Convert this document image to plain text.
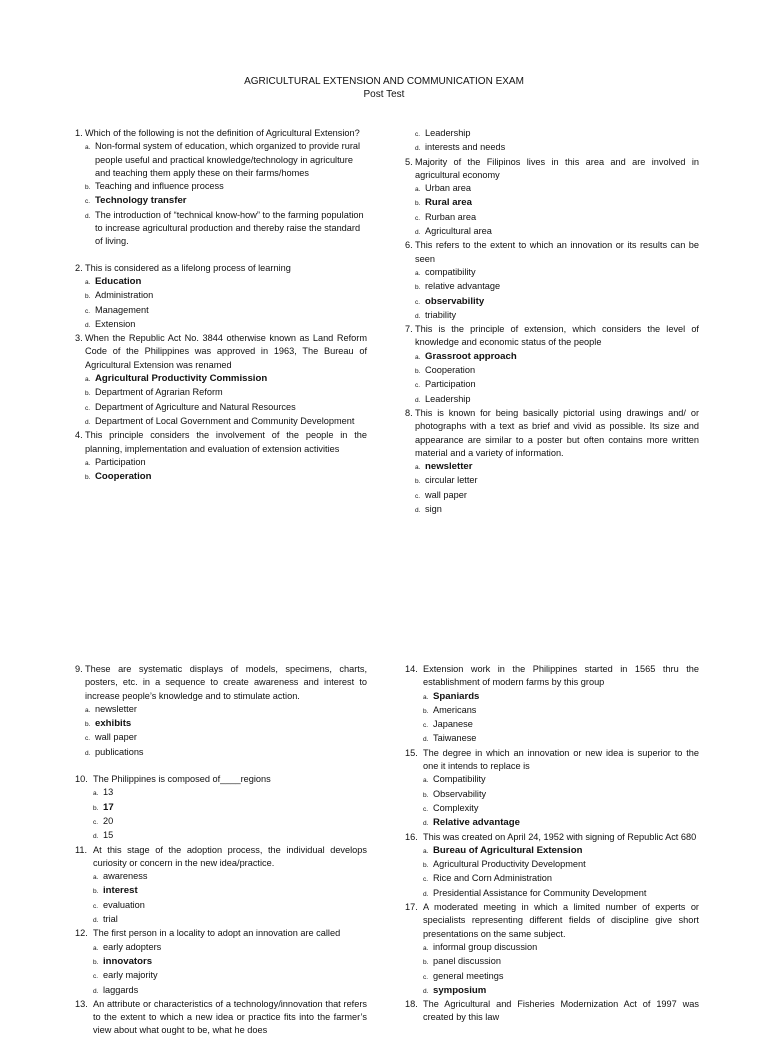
AGRICULTURAL EXTENSION AND COMMUNICATION EXAM
Post Test
1. Which of the following is not the definition of Agricultural Extension?
a. Non-formal system of education, which organized to provide rural people useful and practical knowledge/technology in agriculture and teaching them apply these on their farms/homes
b. Teaching and influence process
c. Technology transfer
d. The introduction of “technical know-how” to the farming population to increase agricultural production and thereby raise the standard of living.
2. This is considered as a lifelong process of learning
a. Education
b. Administration
c. Management
d. Extension
3. When the Republic Act No. 3844 otherwise known as Land Reform Code of the Philippines was approved in 1963, The Bureau of Agricultural Extension was renamed
a. Agricultural Productivity Commission
b. Department of Agrarian Reform
c. Department of Agriculture and Natural Resources
d. Department of Local Government and Community Development
4. This principle considers the involvement of the people in the planning, implementation and evaluation of extension activities
a. Participation
b. Cooperation
c. Leadership
d. interests and needs
5. Majority of the Filipinos lives in this area and are involved in agricultural economy
a. Urban area
b. Rural area
c. Rurban area
d. Agricultural area
6. This refers to the extent to which an innovation or its results can be seen
a. compatibility
b. relative advantage
c. observability
d. triability
7. This is the principle of extension, which considers the level of knowledge and economic status of the people
a. Grassroot approach
b. Cooperation
c. Participation
d. Leadership
8. This is known for being basically pictorial using drawings and/ or photographs with a text as brief and vivid as possible. Its size and appearance are similar to a poster but often contains more written material and a variety of information.
a. newsletter
b. circular letter
c. wall paper
d. sign
9. These are systematic displays of models, specimens, charts, posters, etc. in a sequence to create awareness and interest to increase people’s knowledge and to stimulate action.
a. newsletter
b. exhibits
c. wall paper
d. publications
10. The Philippines is composed of____regions
a. 13
b. 17
c. 20
d. 15
11. At this stage of the adoption process, the individual develops curiosity or concern in the new idea/practice.
a. awareness
b. interest
c. evaluation
d. trial
12. The first person in a locality to adopt an innovation are called
a. early adopters
b. innovators
c. early majority
d. laggards
13. An attribute or characteristics of a technology/innovation that refers to the extent to which a new idea or practice fits into the farmer’s view about what ought to be, what he does
14. Extension work in the Philippines started in 1565 thru the establishment of modern farms by this group
a. Spaniards
b. Americans
c. Japanese
d. Taiwanese
15. The degree in which an innovation or new idea is superior to the one it intends to replace is
a. Compatibility
b. Observability
c. Complexity
d. Relative advantage
16. This was created on April 24, 1952 with signing of Republic Act 680
a. Bureau of Agricultural Extension
b. Agricultural Productivity Development
c. Rice and Corn Administration
d. Presidential Assistance for Community Development
17. A moderated meeting in which a limited number of experts or specialists representing different fields of discipline give short presentations on the same subject.
a. informal group discussion
b. panel discussion
c. general meetings
d. symposium
18. The Agricultural and Fisheries Modernization Act of 1997 was created by this law
